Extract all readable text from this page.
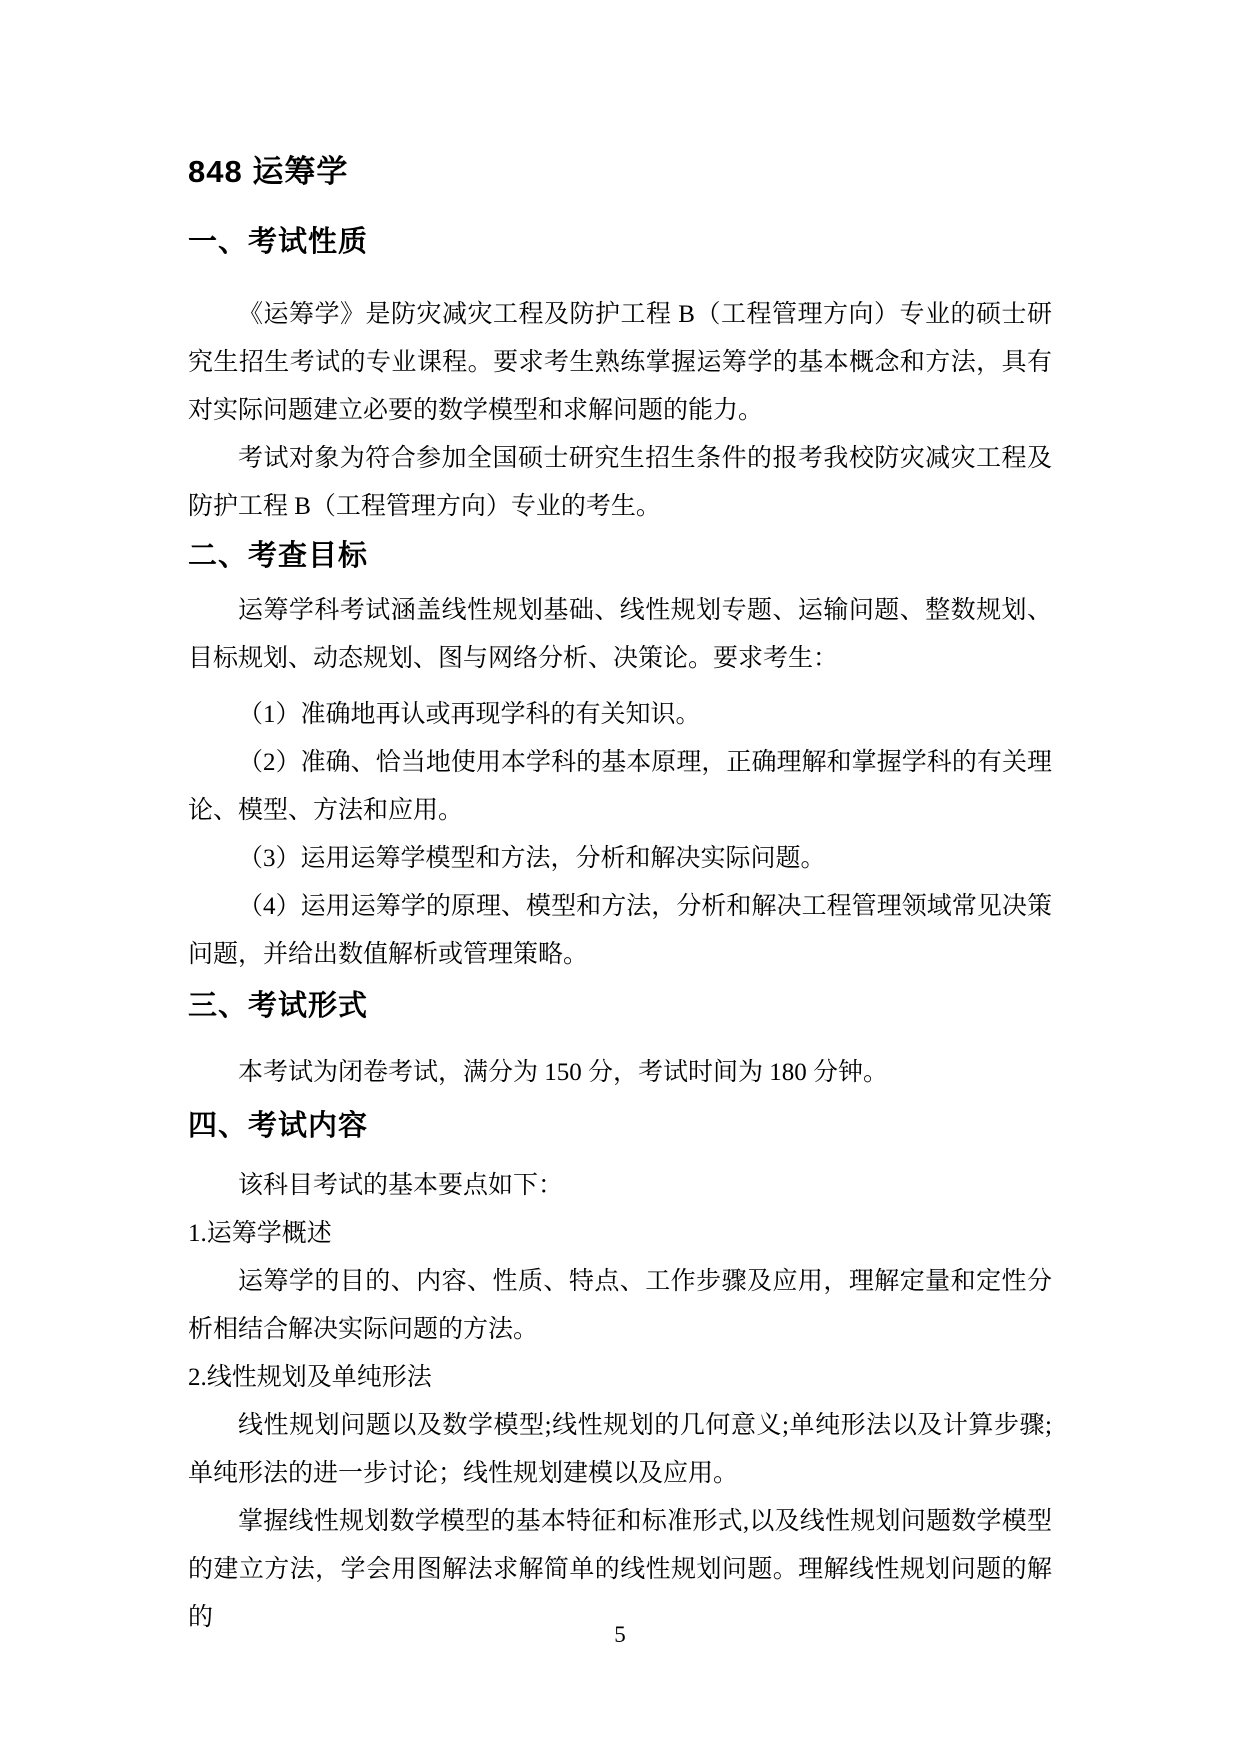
848 运筹学
一、考试性质

《运筹学》是防灾减灾工程及防护工程 B（工程管理方向）专业的硕士研究生招生考试的专业课程。要求考生熟练掌握运筹学的基本概念和方法，具有对实际问题建立必要的数学模型和求解问题的能力。

考试对象为符合参加全国硕士研究生招生条件的报考我校防灾减灾工程及防护工程 B（工程管理方向）专业的考生。

二、考查目标

运筹学科考试涵盖线性规划基础、线性规划专题、运输问题、整数规划、目标规划、动态规划、图与网络分析、决策论。要求考生：

（1）准确地再认或再现学科的有关知识。

（2）准确、恰当地使用本学科的基本原理，正确理解和掌握学科的有关理论、模型、方法和应用。

（3）运用运筹学模型和方法，分析和解决实际问题。

（4）运用运筹学的原理、模型和方法，分析和解决工程管理领域常见决策问题，并给出数值解析或管理策略。

三、考试形式

本考试为闭卷考试，满分为 150 分，考试时间为 180 分钟。

四、考试内容

该科目考试的基本要点如下：

1.运筹学概述

运筹学的目的、内容、性质、特点、工作步骤及应用，理解定量和定性分析相结合解决实际问题的方法。

2.线性规划及单纯形法

线性规划问题以及数学模型;线性规划的几何意义;单纯形法以及计算步骤;单纯形法的进一步讨论；线性规划建模以及应用。

掌握线性规划数学模型的基本特征和标准形式,以及线性规划问题数学模型的建立方法，学会用图解法求解简单的线性规划问题。理解线性规划问题的解的

5
